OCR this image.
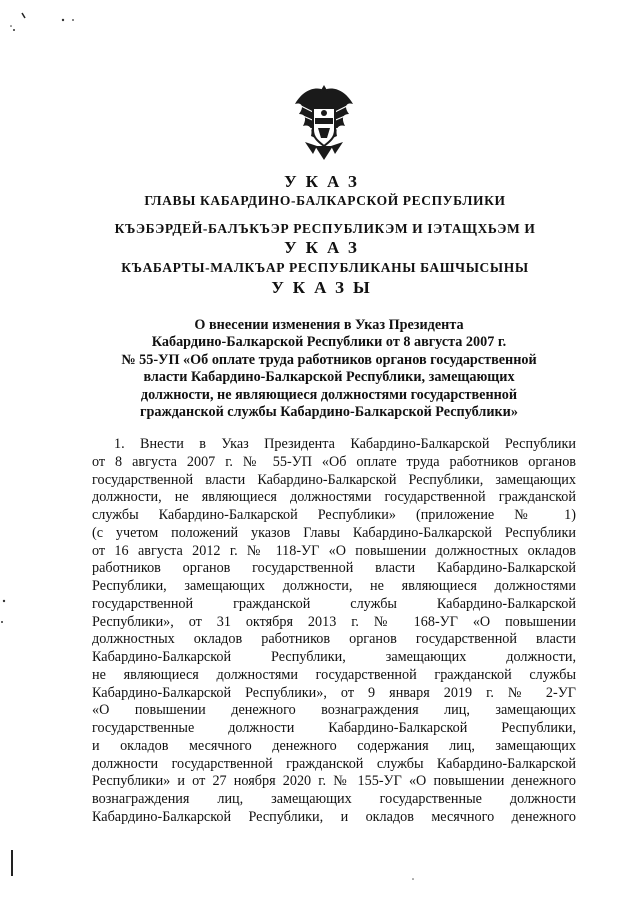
УКАЗ
ГЛАВЫ КАБАРДИНО-БАЛКАРСКОЙ РЕСПУБЛИКИ
КЪЭБЭРДЕЙ-БАЛЪКЪЭР РЕСПУБЛИКЭМ И ІЭТАЩХЬЭМ И
УКАЗ
КЪАБАРТЫ-МАЛКЪАР РЕСПУБЛИКАНЫ БАШЧЫСЫНЫ
УКАЗЫ
О внесении изменения в Указ Президента
Кабардино-Балкарской Республики от 8 августа 2007 г.
№ 55-УП «Об оплате труда работников органов государственной
власти Кабардино-Балкарской Республики, замещающих
должности, не являющиеся должностями государственной
гражданской службы Кабардино-Балкарской Республики»
1. Внести в Указ Президента Кабардино-Балкарской Республики
от 8 августа 2007 г. № 55-УП «Об оплате труда работников органов
государственной власти Кабардино-Балкарской Республики, замещающих
должности, не являющиеся должностями государственной гражданской
службы Кабардино-Балкарской Республики» (приложение № 1)
(с учетом положений указов Главы Кабардино-Балкарской Республики
от 16 августа 2012 г. № 118-УГ «О повышении должностных окладов
работников органов государственной власти Кабардино-Балкарской
Республики, замещающих должности, не являющиеся должностями
государственной гражданской службы Кабардино-Балкарской
Республики», от 31 октября 2013 г. № 168-УГ «О повышении
должностных окладов работников органов государственной власти
Кабардино-Балкарской Республики, замещающих должности,
не являющиеся должностями государственной гражданской службы
Кабардино-Балкарской Республики», от 9 января 2019 г. № 2-УГ
«О повышении денежного вознаграждения лиц, замещающих
государственные должности Кабардино-Балкарской Республики,
и окладов месячного денежного содержания лиц, замещающих
должности государственной гражданской службы Кабардино-Балкарской
Республики» и от 27 ноября 2020 г. № 155-УГ «О повышении денежного
вознаграждения лиц, замещающих государственные должности
Кабардино-Балкарской Республики, и окладов месячного денежного
